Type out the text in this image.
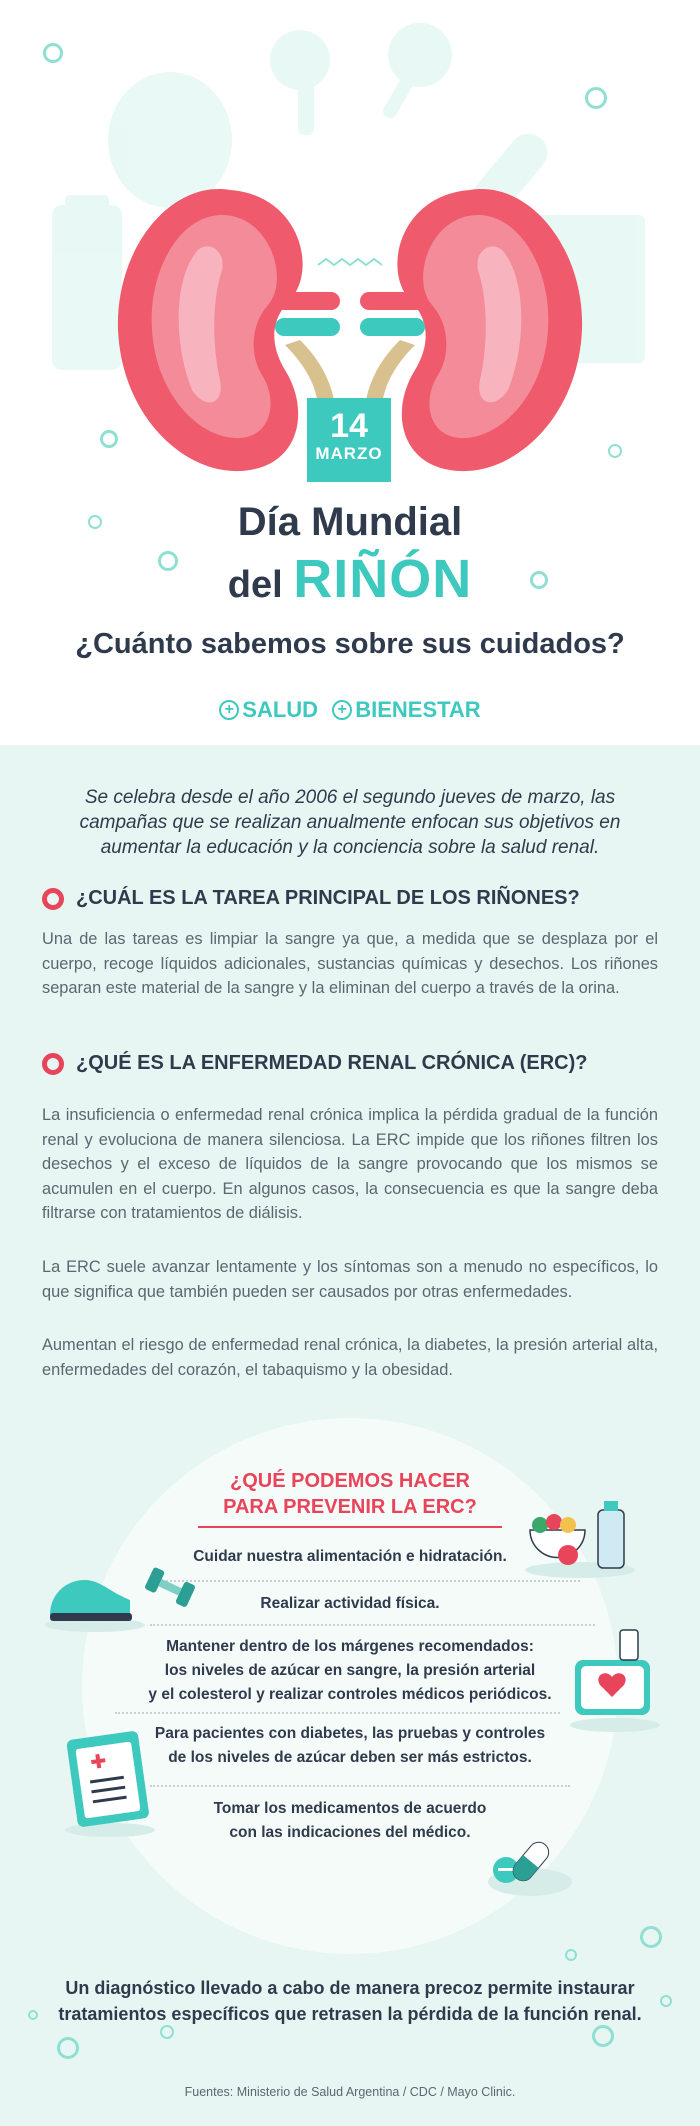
14
MARZO
Día Mundial
del RIÑÓN
¿Cuánto sabemos sobre sus cuidados?
+ SALUD
	+ BIENESTAR
Se celebra desde el año 2006 el segundo jueves de marzo, las campañas que se realizan anualmente enfocan sus objetivos en aumentar la educación y la conciencia sobre la salud renal.
¿CUÁL ES LA TAREA PRINCIPAL DE LOS RIÑONES?
Una de las tareas es limpiar la sangre ya que, a medida que se desplaza por el cuerpo, recoge líquidos adicionales, sustancias químicas y desechos. Los riñones separan este material de la sangre y la eliminan del cuerpo a través de la orina.
¿QUÉ ES LA ENFERMEDAD RENAL CRÓNICA (ERC)?
La insuficiencia o enfermedad renal crónica implica la pérdida gradual de la función renal y evoluciona de manera silenciosa. La ERC impide que los riñones filtren los desechos y el exceso de líquidos de la sangre provocando que los mismos se acumulen en el cuerpo. En algunos casos, la consecuencia es que la sangre deba filtrarse con tratamientos de diálisis.
La ERC suele avanzar lentamente y los síntomas son a menudo no específicos, lo que significa que también pueden ser causados por otras enfermedades.
Aumentan el riesgo de enfermedad renal crónica, la diabetes, la presión arterial alta, enfermedades del corazón, el tabaquismo y la obesidad.
¿QUÉ PODEMOS HACER
PARA PREVENIR LA ERC?
Cuidar nuestra alimentación e hidratación.
Realizar actividad física.
Mantener dentro de los márgenes recomendados:
los niveles de azúcar en sangre, la presión arterial
y el colesterol y realizar controles médicos periódicos.
Para pacientes con diabetes, las pruebas y controles
de los niveles de azúcar deben ser más estrictos.
Tomar los medicamentos de acuerdo
con las indicaciones del médico.
Un diagnóstico llevado a cabo de manera precoz permite instaurar
tratamientos específicos que retrasen la pérdida de la función renal.
Fuentes: Ministerio de Salud Argentina / CDC / Mayo Clinic.
